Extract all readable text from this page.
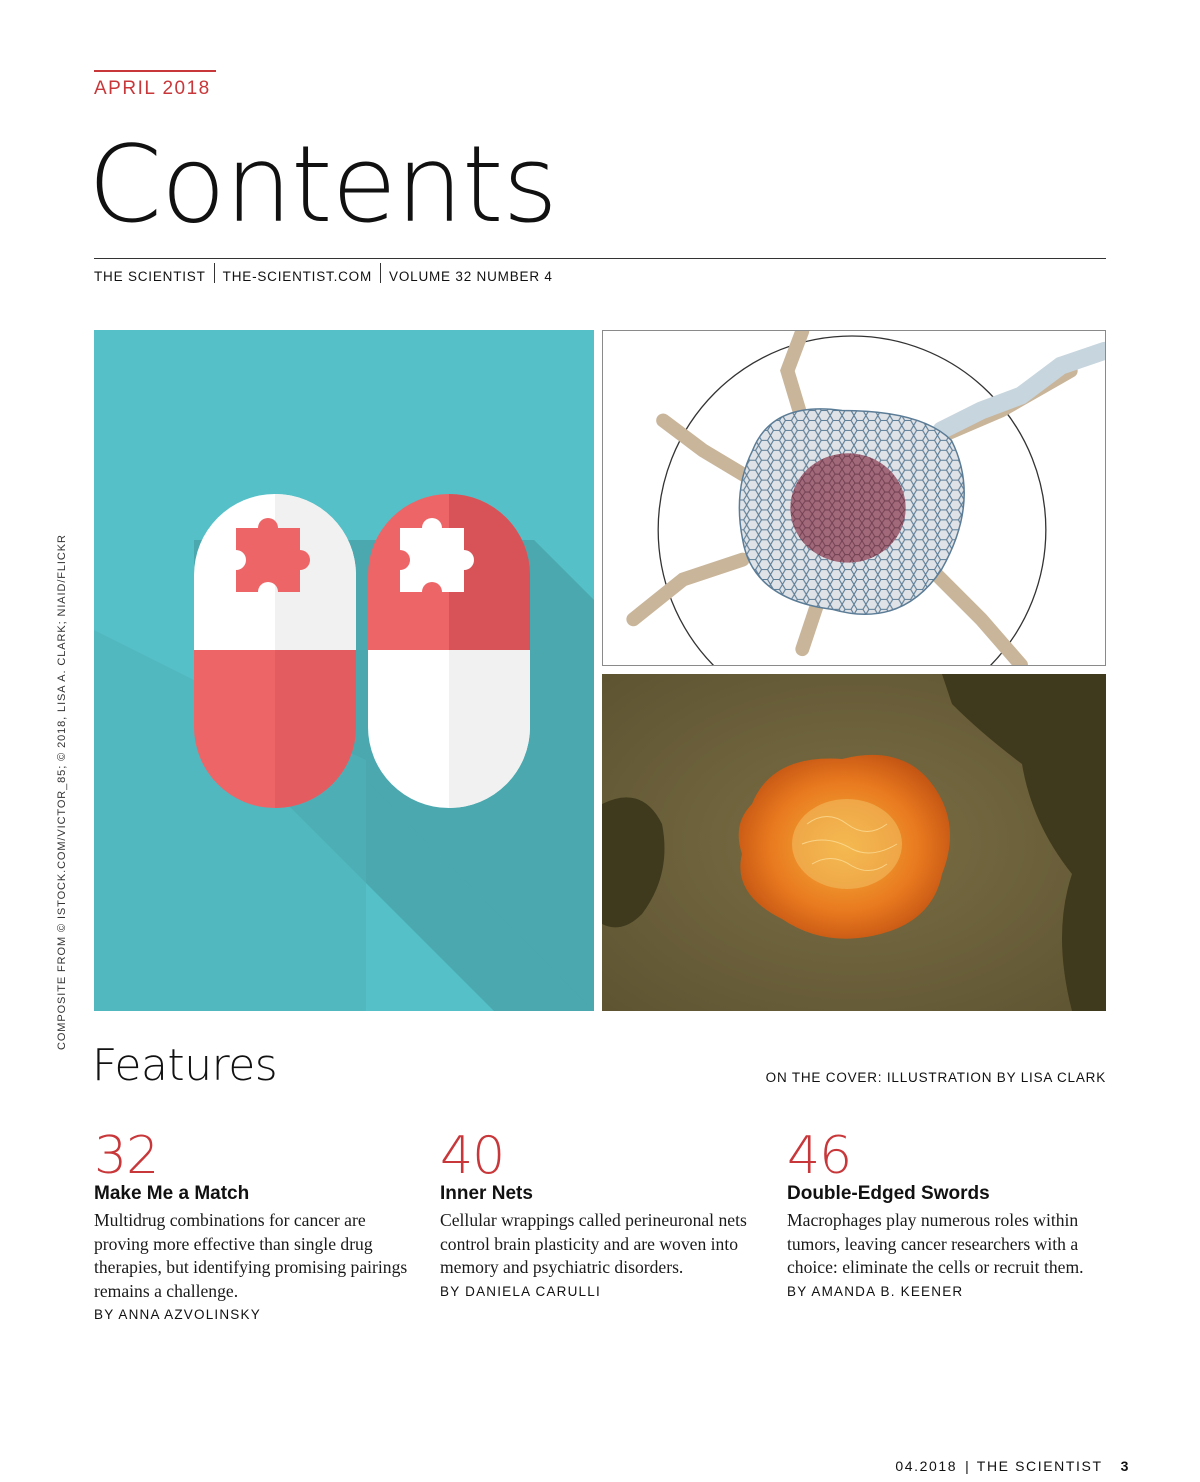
APRIL 2018
Contents
THE SCIENTIST THE-SCIENTIST.COM VOLUME 32 NUMBER 4
Features	ON THE COVER: ILLUSTRATION BY LISA CLARK
32
Make Me a Match
Multidrug combinations for cancer are proving more effective than single drug therapies, but identifying promising pairings remains a challenge.
BY ANNA AZVOLINSKY
40
Inner Nets
Cellular wrappings called perineuronal nets control brain plasticity and are woven into memory and psychiatric disorders.
BY DANIELA CARULLI
46
Double-Edged Swords
Macrophages play numerous roles within tumors, leaving cancer researchers with a choice: eliminate the cells or recruit them.
BY AMANDA B. KEENER
COMPOSITE FROM © ISTOCK.COM/VICTOR_85; © 2018, LISA A. CLARK; NIAID/FLICKR
04.2018 | THE SCIENTIST 3
